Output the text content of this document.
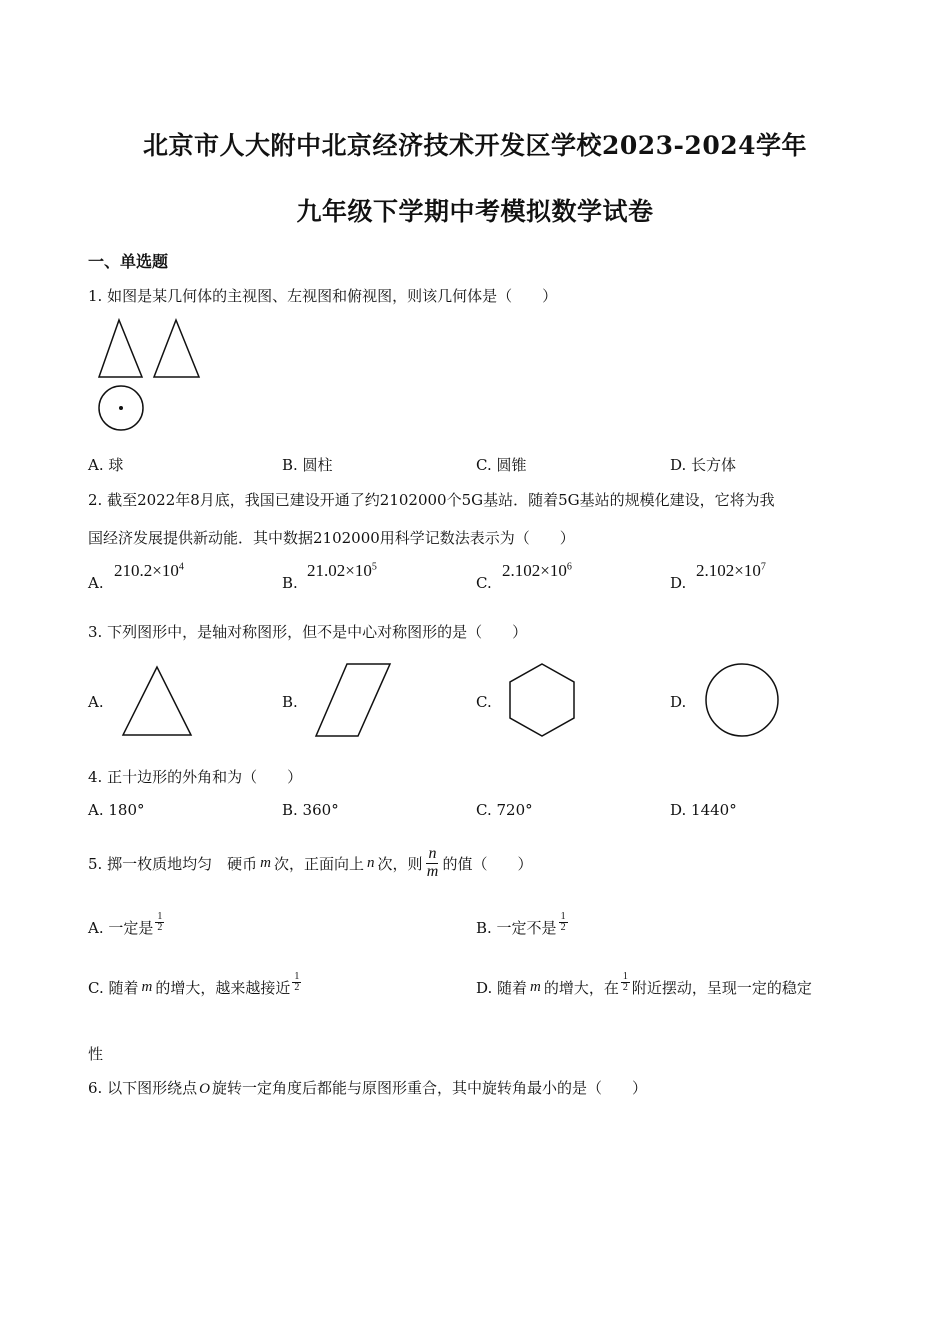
北京市人大附中北京经济技术开发区学校2023-2024学年
九年级下学期中考模拟数学试卷
一、单选题
1. 如图是某几何体的主视图、左视图和俯视图，则该几何体是（　　）
A. 球	B. 圆柱	C. 圆锥	D. 长方体
2. 截至2022年8月底，我国已建设开通了约2102000个5G基站．随着5G基站的规模化建设，它将为我
国经济发展提供新动能．其中数据2102000用科学记数法表示为（　　）
A.
$210.2\times 10^4$
B.
$21.02\times 10^5$
C.
$2.102\times 10^6$
D.
$2.102\times 10^7$
3. 下列图形中，是轴对称图形，但不是中心对称图形的是（　　）
A.	B.	C.	D.
4. 正十边形的外角和为（　　）
A. 180°	B. 360°	C. 720°	D. 1440°
5. 掷一枚质地均匀　硬币 m 次，正面向上 n 次，则 $\frac{n}{m}$ 的值（　　）
A. 一定是 $\frac{1}{2}$	B. 一定不是 $\frac{1}{2}$
C. 随着 m 的增大，越来越接近 $\frac{1}{2}$	D. 随着 m 的增大，在 $\frac{1}{2}$ 附近摆动，呈现一定的稳定
性
6. 以下图形绕点 O 旋转一定角度后都能与原图形重合，其中旋转角最小的是（　　）
